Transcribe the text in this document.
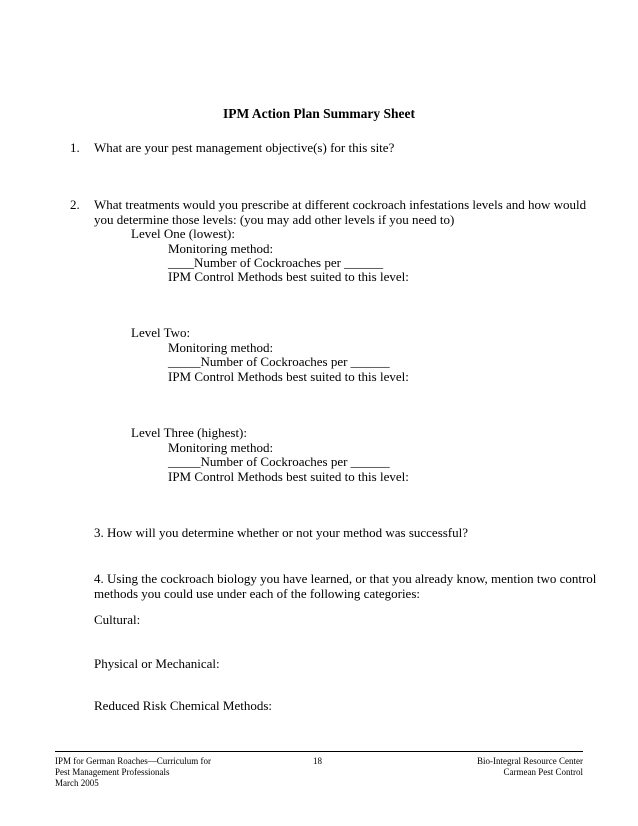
IPM Action Plan Summary Sheet
1. What are your pest management objective(s) for this site?
2. What treatments would you prescribe at different cockroach infestations levels and how would
you determine those levels: (you may add other levels if you need to)
Level One (lowest):
Monitoring method:
____Number of Cockroaches per ______
IPM Control Methods best suited to this level:
Level Two:
Monitoring method:
_____Number of Cockroaches per ______
IPM Control Methods best suited to this level:
Level Three (highest):
Monitoring method:
_____Number of Cockroaches per ______
IPM Control Methods best suited to this level:
3. How will you determine whether or not your method was successful?
4. Using the cockroach biology you have learned, or that you already know, mention two control
methods you could use under each of the following categories:
Cultural:
Physical or Mechanical:
Reduced Risk Chemical Methods:
IPM for German Roaches—Curriculum for
Pest Management Professionals
March 2005
18	Bio-Integral Resource Center
Carmean Pest Control
